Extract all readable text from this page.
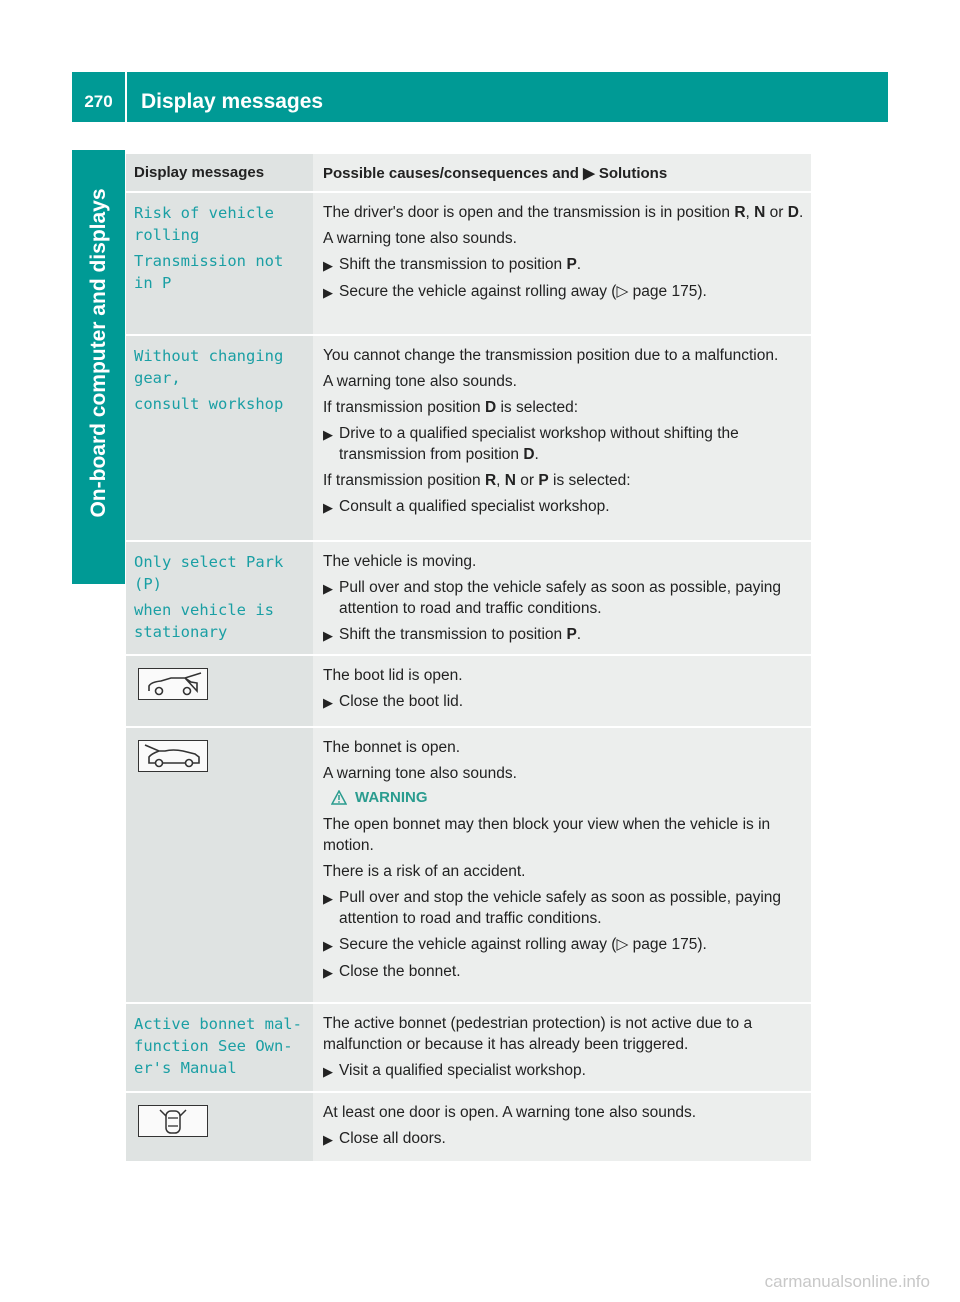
270	Display messages
On-board computer and displays
Display messages	Possible causes/consequences and ▶ Solutions
Risk of vehicle
rolling
Transmission not
in P

The driver's door is open and the transmission is in position R, N or D.

A warning tone also sounds.

▶ Shift the transmission to position P.
▶ Secure the vehicle against rolling away (▷ page 175).
Without changing
gear,
consult workshop

You cannot change the transmission position due to a malfunction.

A warning tone also sounds.

If transmission position D is selected:

▶ Drive to a qualified specialist workshop without shifting the transmission from position D.

If transmission position R, N or P is selected:

▶ Consult a qualified specialist workshop.
Only select Park
(P)
when vehicle is
stationary

The vehicle is moving.

▶ Pull over and stop the vehicle safely as soon as possible, paying attention to road and traffic conditions.
▶ Shift the transmission to position P.

The boot lid is open.

▶ Close the boot lid.

The bonnet is open.

A warning tone also sounds.

WARNING

The open bonnet may then block your view when the vehicle is in motion.

There is a risk of an accident.

▶ Pull over and stop the vehicle safely as soon as possible, paying attention to road and traffic conditions.
▶ Secure the vehicle against rolling away (▷ page 175).
▶ Close the bonnet.
Active bonnet mal‐
function See Own‐
er's Manual

The active bonnet (pedestrian protection) is not active due to a malfunction or because it has already been triggered.

▶ Visit a qualified specialist workshop.

At least one door is open. A warning tone also sounds.

▶ Close all doors.
carmanualsonline.info
